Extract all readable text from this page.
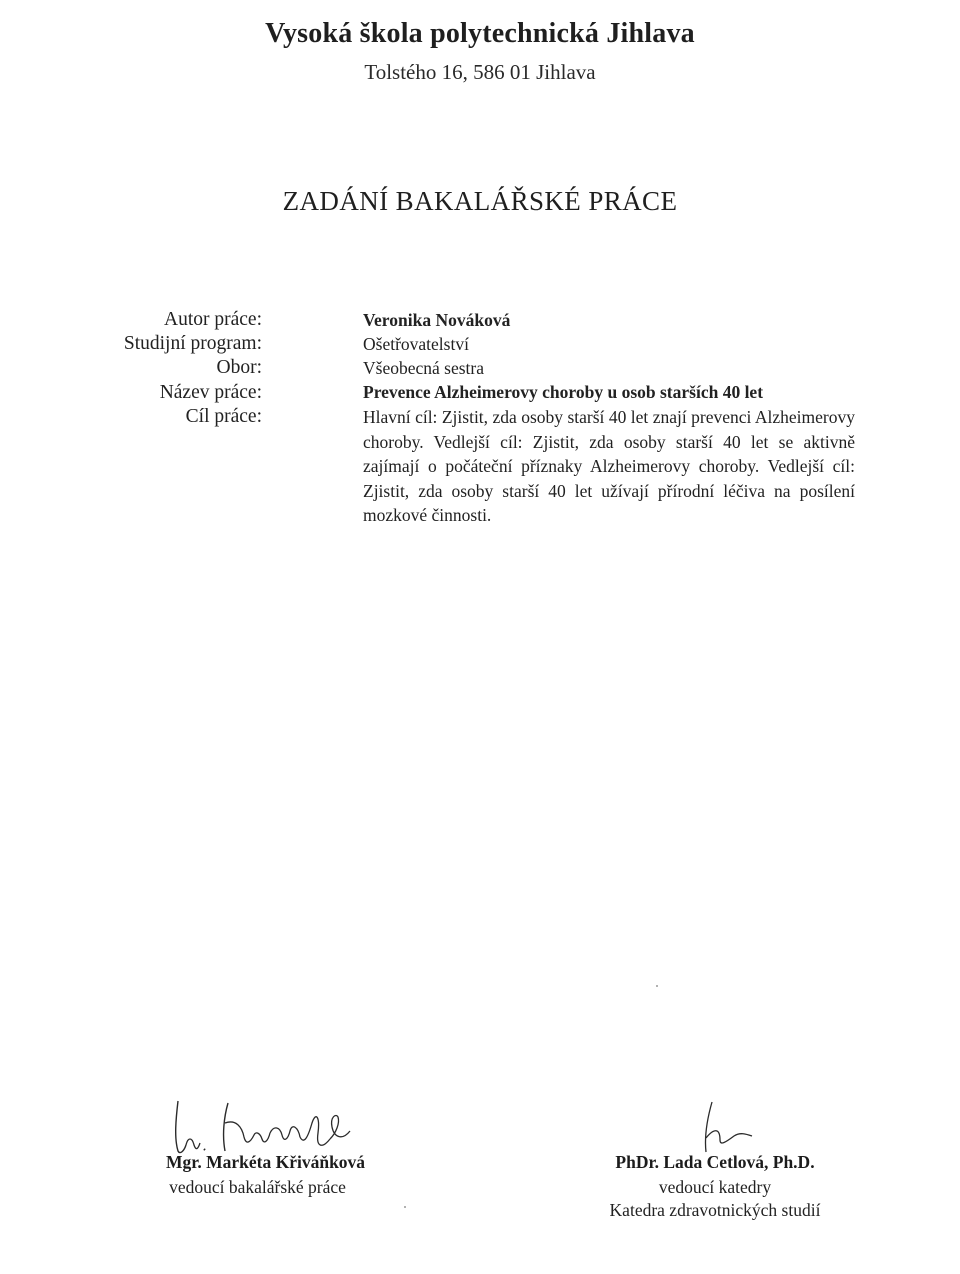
Vysoká škola polytechnická Jihlava
Tolstého 16, 586 01 Jihlava
ZADÁNÍ BAKALÁŘSKÉ PRÁCE
Autor práce:
Studijní program:
Obor:
Název práce:
Cíl práce:
Veronika Nováková
Ošetřovatelství
Všeobecná sestra
Prevence Alzheimerovy choroby u osob starších 40 let
Hlavní cíl: Zjistit, zda osoby starší 40 let znají prevenci Alzheimerovy choroby. Vedlejší cíl: Zjistit, zda osoby starší 40 let se aktivně zajímají o počáteční příznaky Alzheimerovy choroby. Vedlejší cíl: Zjistit, zda osoby starší 40 let užívají přírodní léčiva na posílení mozkové činnosti.
Mgr. Markéta Křiváňková
vedoucí bakalářské práce
PhDr. Lada Cetlová, Ph.D.
vedoucí katedry
Katedra zdravotnických studií
